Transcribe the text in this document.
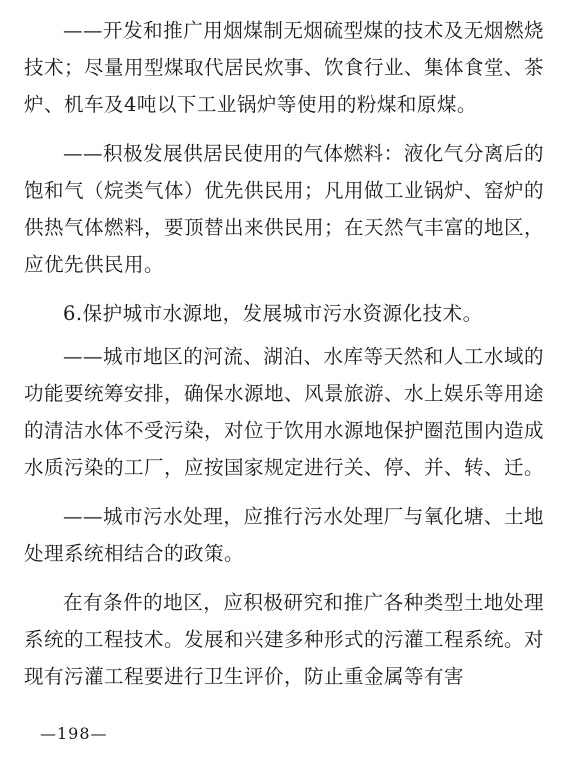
——开发和推广用烟煤制无烟硫型煤的技术及无烟燃烧技术；尽量用型煤取代居民炊事、饮食行业、集体食堂、茶炉、机车及4吨以下工业锅炉等使用的粉煤和原煤。

——积极发展供居民使用的气体燃料：液化气分离后的饱和气（烷类气体）优先供民用；凡用做工业锅炉、窑炉的供热气体燃料，要顶替出来供民用；在天然气丰富的地区，应优先供民用。

6.保护城市水源地，发展城市污水资源化技术。

——城市地区的河流、湖泊、水库等天然和人工水域的功能要统筹安排，确保水源地、风景旅游、水上娱乐等用途的清洁水体不受污染，对位于饮用水源地保护圈范围内造成水质污染的工厂，应按国家规定进行关、停、并、转、迁。

——城市污水处理，应推行污水处理厂与氧化塘、土地处理系统相结合的政策。

在有条件的地区，应积极研究和推广各种类型土地处理系统的工程技术。发展和兴建多种形式的污灌工程系统。对现有污灌工程要进行卫生评价，防止重金属等有害

—198—
